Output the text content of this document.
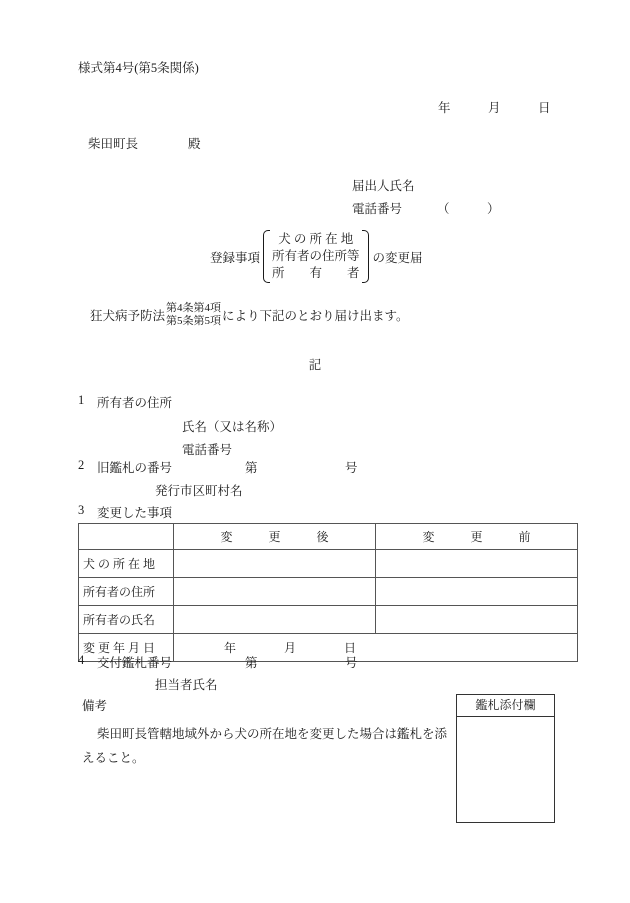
様式第4号(第5条関係)
年　　　月　　　日
柴田町長　　　　殿
届出人氏名
電話番号	（　　　）
登録事項
犬 の 所 在 地
所有者の住所等
所　　有　　者
の変更届
狂犬病予防法
第4条第4項
第5条第5項 により下記のとおり届け出ます。
記
1 所有者の住所
氏名（又は名称）
電話番号
2 旧鑑札の番号	第	号
発行市区町村名
3 変更した事項
	変　　　更　　　後	変　　　更　　　前
犬 の 所 在 地		
所有者の住所		
所有者の氏名		
変 更 年 月 日	年　　　　月　　　　日	
4 交付鑑札番号	第	号
担当者氏名
備考
柴田町長管轄地域外から犬の所在地を変更した場合は鑑札を添えること。
鑑札添付欄
